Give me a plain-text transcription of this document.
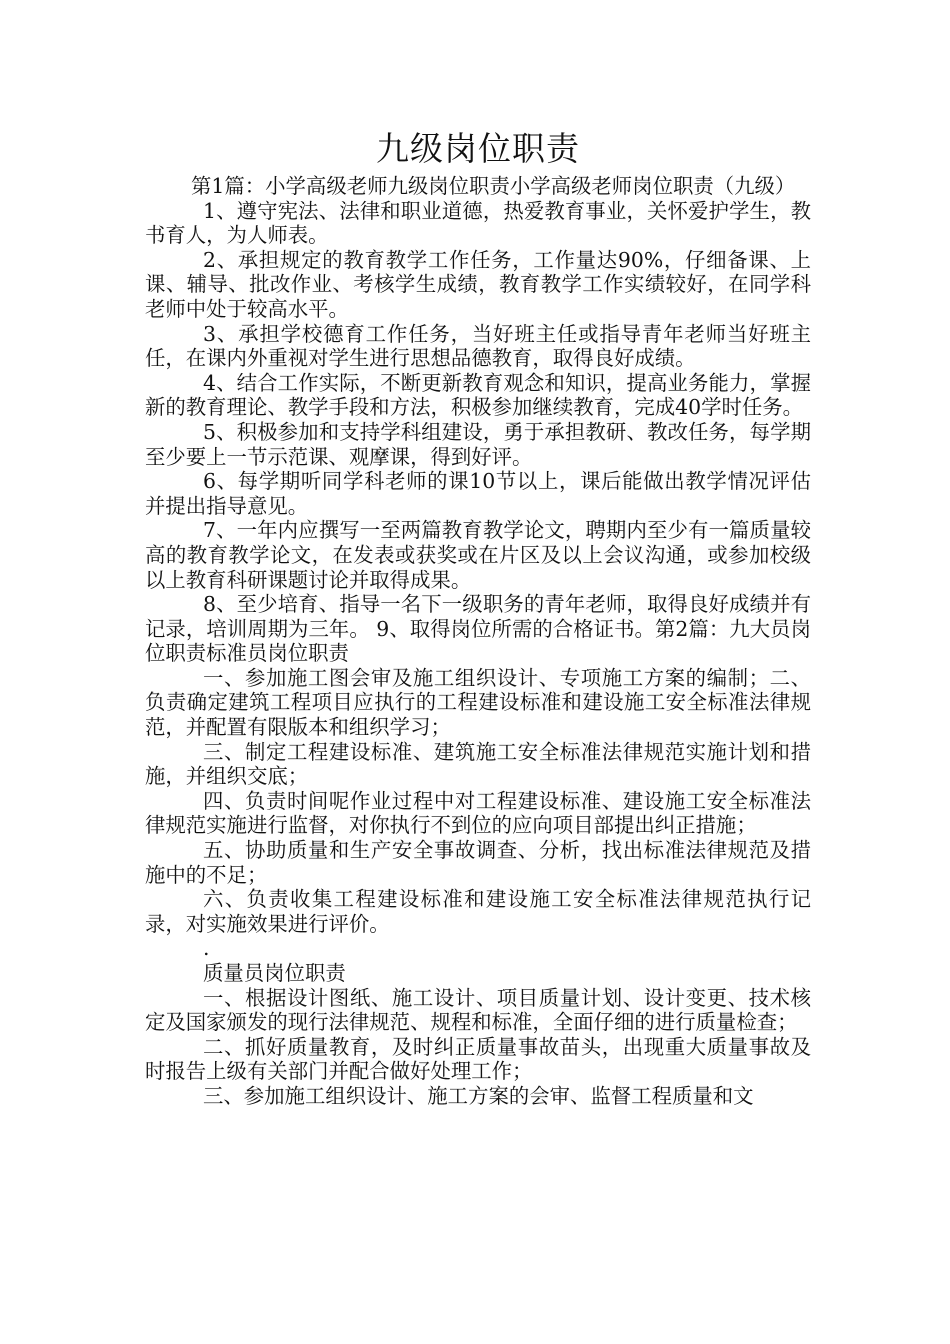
九级岗位职责

第1篇：小学高级老师九级岗位职责小学高级老师岗位职责（九级）

1、遵守宪法、法律和职业道德，热爱教育事业，关怀爱护学生，教书育人，为人师表。

2、承担规定的教育教学工作任务，工作量达90%，仔细备课、上课、辅导、批改作业、考核学生成绩，教育教学工作实绩较好，在同学科老师中处于较高水平。

3、承担学校德育工作任务，当好班主任或指导青年老师当好班主任，在课内外重视对学生进行思想品德教育，取得良好成绩。

4、结合工作实际，不断更新教育观念和知识，提高业务能力，掌握新的教育理论、教学手段和方法，积极参加继续教育，完成40学时任务。

5、积极参加和支持学科组建设，勇于承担教研、教改任务，每学期至少要上一节示范课、观摩课，得到好评。

6、每学期听同学科老师的课10节以上，课后能做出教学情况评估并提出指导意见。

7、一年内应撰写一至两篇教育教学论文，聘期内至少有一篇质量较高的教育教学论文，在发表或获奖或在片区及以上会议沟通，或参加校级以上教育科研课题讨论并取得成果。

8、至少培育、指导一名下一级职务的青年老师，取得良好成绩并有记录，培训周期为三年。 9、取得岗位所需的合格证书。第2篇：九大员岗位职责标准员岗位职责

一、参加施工图会审及施工组织设计、专项施工方案的编制；二、负责确定建筑工程项目应执行的工程建设标准和建设施工安全标准法律规范，并配置有限版本和组织学习；

三、制定工程建设标准、建筑施工安全标准法律规范实施计划和措施，并组织交底；

四、负责时间呢作业过程中对工程建设标准、建设施工安全标准法律规范实施进行监督，对你执行不到位的应向项目部提出纠正措施；

五、协助质量和生产安全事故调查、分析，找出标准法律规范及措施中的不足；

六、负责收集工程建设标准和建设施工安全标准法律规范执行记录，对实施效果进行评价。

.

质量员岗位职责

一、根据设计图纸、施工设计、项目质量计划、设计变更、技术核定及国家颁发的现行法律规范、规程和标准，全面仔细的进行质量检查；

二、抓好质量教育，及时纠正质量事故苗头，出现重大质量事故及时报告上级有关部门并配合做好处理工作；

三、参加施工组织设计、施工方案的会审、监督工程质量和文
